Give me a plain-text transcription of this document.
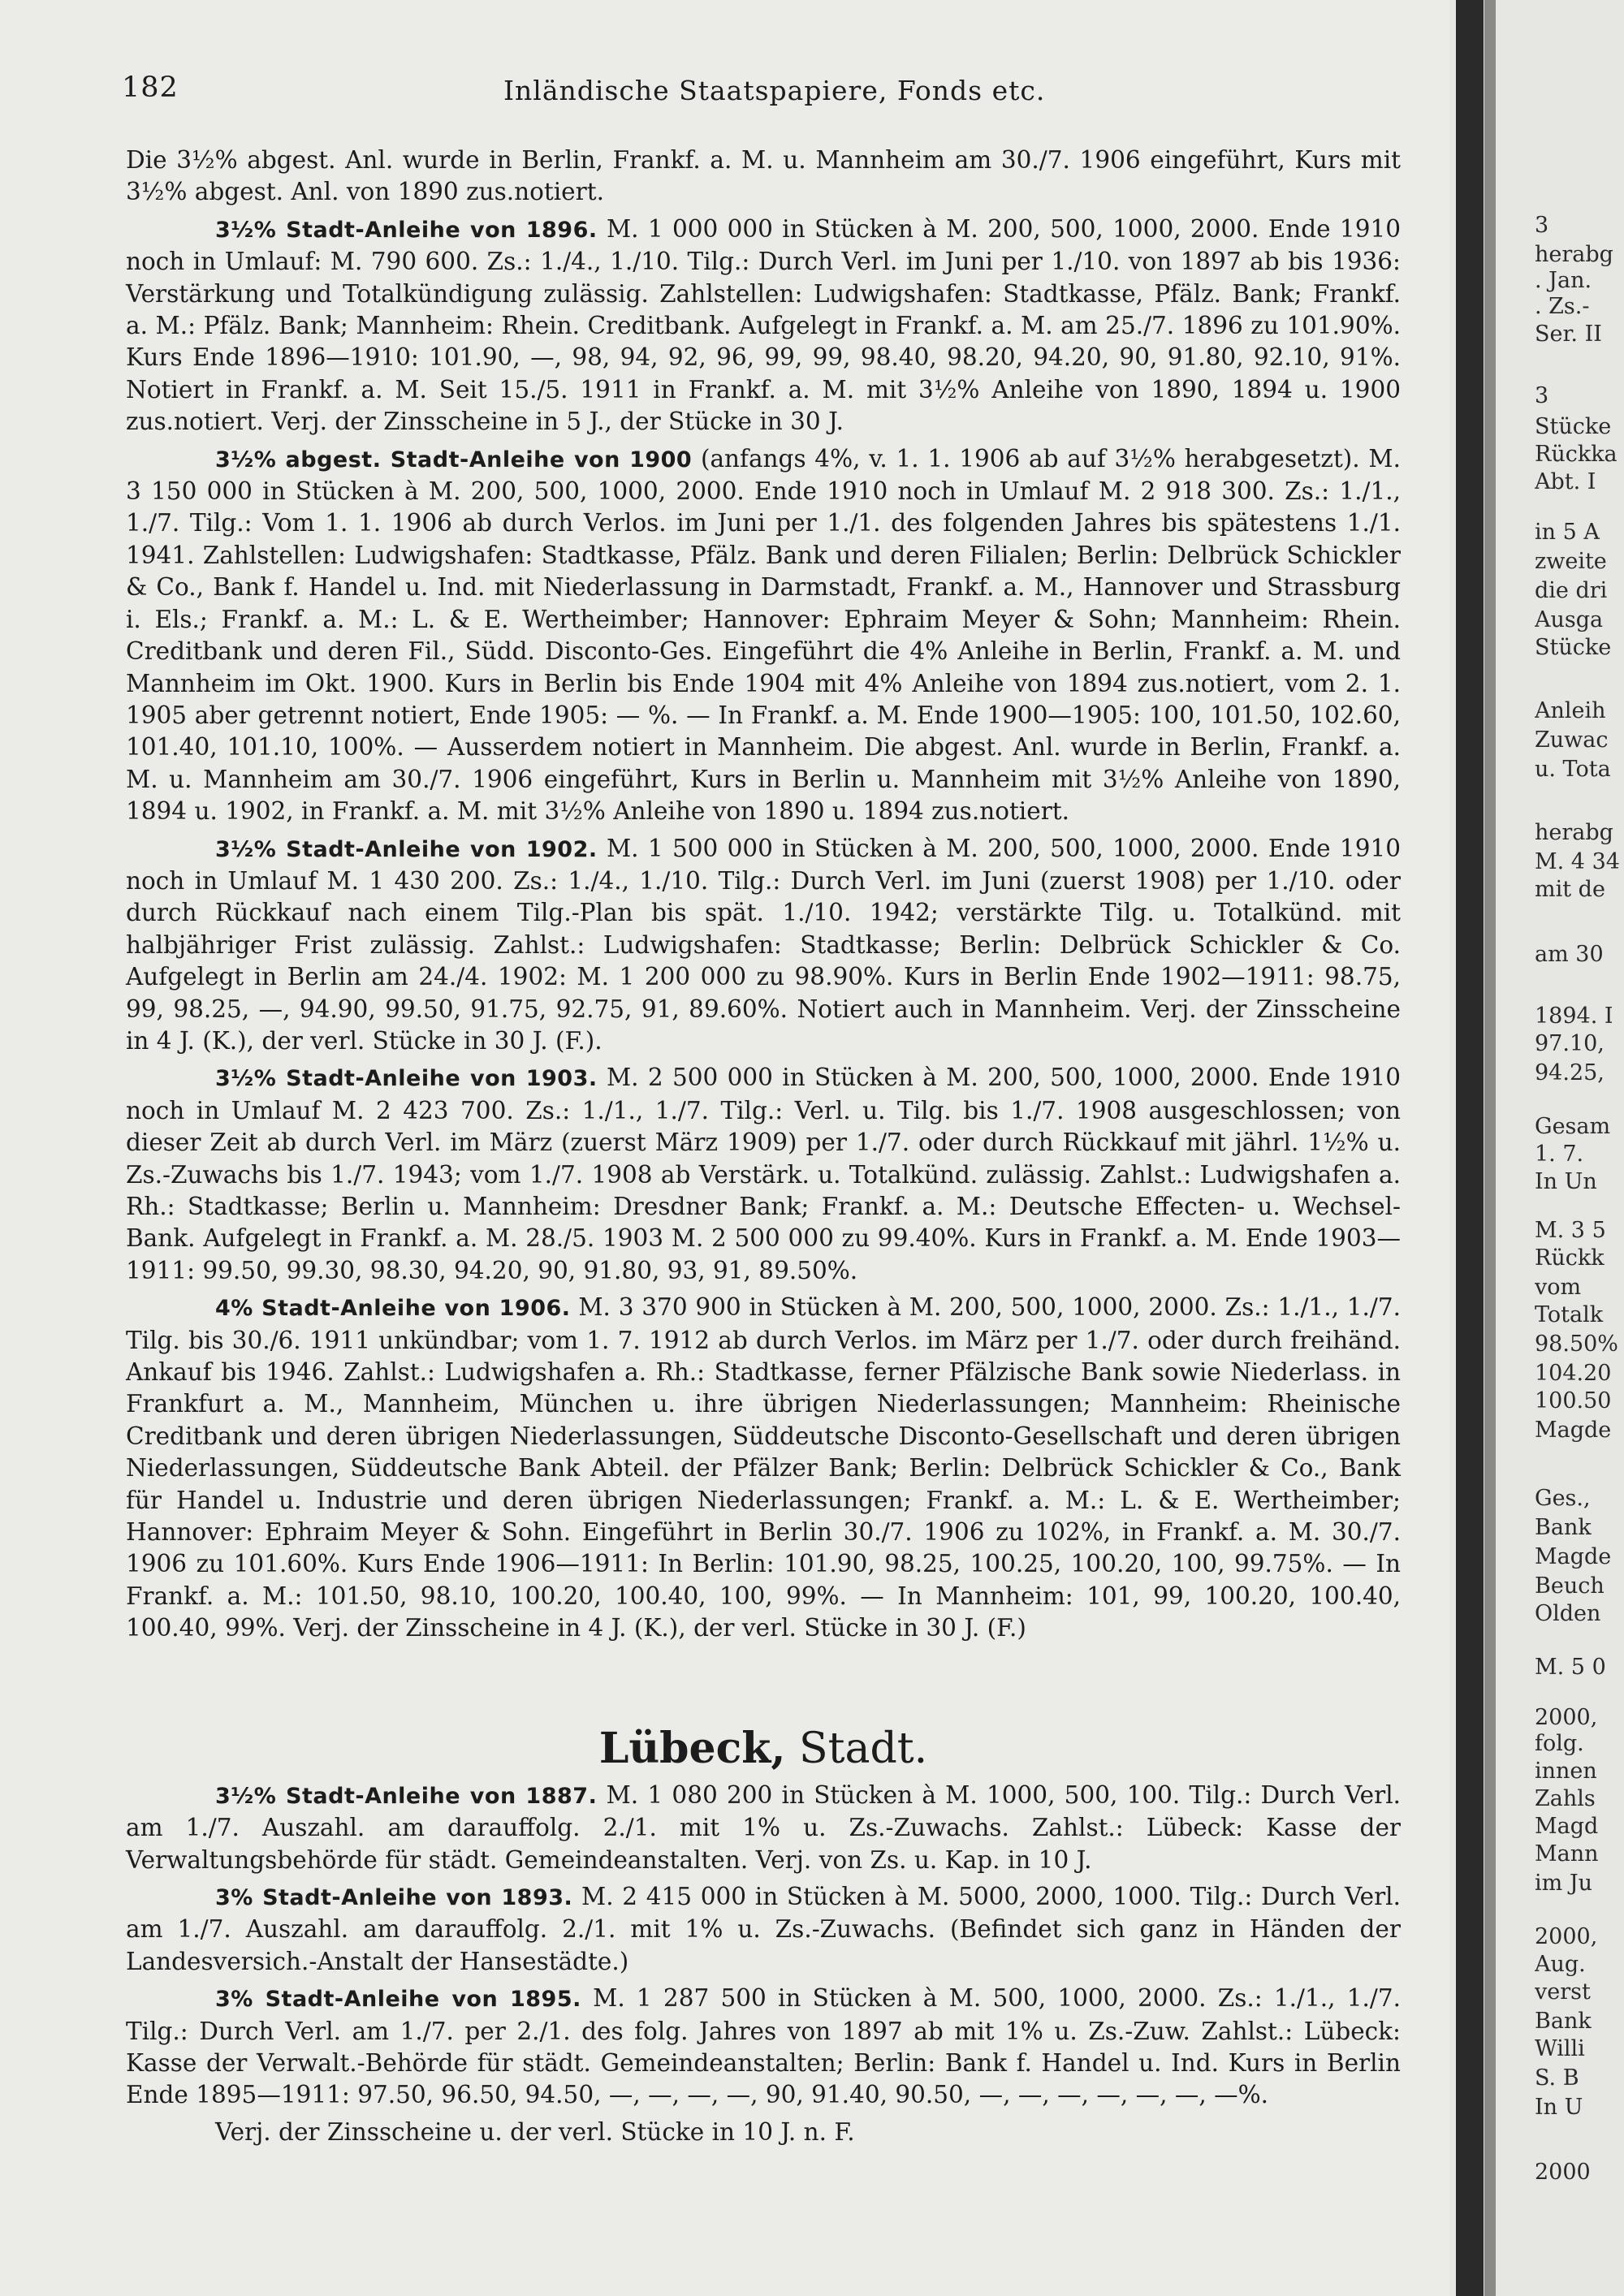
182	Inländische Staatspapiere, Fonds etc.

Die 3½% abgest. Anl. wurde in Berlin, Frankf. a. M. u. Mannheim am 30./7. 1906 eingeführt, Kurs mit 3½% abgest. Anl. von 1890 zus.notiert.

3½% Stadt-Anleihe von 1896. M. 1 000 000 in Stücken à M. 200, 500, 1000, 2000. Ende 1910 noch in Umlauf: M. 790 600. Zs.: 1./4., 1./10. Tilg.: Durch Verl. im Juni per 1./10. von 1897 ab bis 1936: Verstärkung und Totalkündigung zulässig. Zahlstellen: Ludwigshafen: Stadtkasse, Pfälz. Bank; Frankf. a. M.: Pfälz. Bank; Mannheim: Rhein. Creditbank. Aufgelegt in Frankf. a. M. am 25./7. 1896 zu 101.90%. Kurs Ende 1896—1910: 101.90, —, 98, 94, 92, 96, 99, 99, 98.40, 98.20, 94.20, 90, 91.80, 92.10, 91%. Notiert in Frankf. a. M. Seit 15./5. 1911 in Frankf. a. M. mit 3½% Anleihe von 1890, 1894 u. 1900 zus.notiert. Verj. der Zinsscheine in 5 J., der Stücke in 30 J.

3½% abgest. Stadt-Anleihe von 1900 (anfangs 4%, v. 1. 1. 1906 ab auf 3½% herabgesetzt). M. 3 150 000 in Stücken à M. 200, 500, 1000, 2000. Ende 1910 noch in Umlauf M. 2 918 300. Zs.: 1./1., 1./7. Tilg.: Vom 1. 1. 1906 ab durch Verlos. im Juni per 1./1. des folgenden Jahres bis spätestens 1./1. 1941. Zahlstellen: Ludwigshafen: Stadtkasse, Pfälz. Bank und deren Filialen; Berlin: Delbrück Schickler & Co., Bank f. Handel u. Ind. mit Niederlassung in Darmstadt, Frankf. a. M., Hannover und Strassburg i. Els.; Frankf. a. M.: L. & E. Wertheimber; Hannover: Ephraim Meyer & Sohn; Mannheim: Rhein. Creditbank und deren Fil., Südd. Disconto-Ges. Eingeführt die 4% Anleihe in Berlin, Frankf. a. M. und Mannheim im Okt. 1900. Kurs in Berlin bis Ende 1904 mit 4% Anleihe von 1894 zus.notiert, vom 2. 1. 1905 aber getrennt notiert, Ende 1905: — %. — In Frankf. a. M. Ende 1900—1905: 100, 101.50, 102.60, 101.40, 101.10, 100%. — Ausserdem notiert in Mannheim. Die abgest. Anl. wurde in Berlin, Frankf. a. M. u. Mannheim am 30./7. 1906 eingeführt, Kurs in Berlin u. Mannheim mit 3½% Anleihe von 1890, 1894 u. 1902, in Frankf. a. M. mit 3½% Anleihe von 1890 u. 1894 zus.notiert.

3½% Stadt-Anleihe von 1902. M. 1 500 000 in Stücken à M. 200, 500, 1000, 2000. Ende 1910 noch in Umlauf M. 1 430 200. Zs.: 1./4., 1./10. Tilg.: Durch Verl. im Juni (zuerst 1908) per 1./10. oder durch Rückkauf nach einem Tilg.-Plan bis spät. 1./10. 1942; verstärkte Tilg. u. Totalkünd. mit halbjähriger Frist zulässig. Zahlst.: Ludwigshafen: Stadtkasse; Berlin: Delbrück Schickler & Co. Aufgelegt in Berlin am 24./4. 1902: M. 1 200 000 zu 98.90%. Kurs in Berlin Ende 1902—1911: 98.75, 99, 98.25, —, 94.90, 99.50, 91.75, 92.75, 91, 89.60%. Notiert auch in Mannheim. Verj. der Zinsscheine in 4 J. (K.), der verl. Stücke in 30 J. (F.).

3½% Stadt-Anleihe von 1903. M. 2 500 000 in Stücken à M. 200, 500, 1000, 2000. Ende 1910 noch in Umlauf M. 2 423 700. Zs.: 1./1., 1./7. Tilg.: Verl. u. Tilg. bis 1./7. 1908 ausgeschlossen; von dieser Zeit ab durch Verl. im März (zuerst März 1909) per 1./7. oder durch Rückkauf mit jährl. 1½% u. Zs.-Zuwachs bis 1./7. 1943; vom 1./7. 1908 ab Verstärk. u. Totalkünd. zulässig. Zahlst.: Ludwigshafen a. Rh.: Stadtkasse; Berlin u. Mannheim: Dresdner Bank; Frankf. a. M.: Deutsche Effecten- u. Wechsel-Bank. Aufgelegt in Frankf. a. M. 28./5. 1903 M. 2 500 000 zu 99.40%. Kurs in Frankf. a. M. Ende 1903—1911: 99.50, 99.30, 98.30, 94.20, 90, 91.80, 93, 91, 89.50%.

4% Stadt-Anleihe von 1906. M. 3 370 900 in Stücken à M. 200, 500, 1000, 2000. Zs.: 1./1., 1./7. Tilg. bis 30./6. 1911 unkündbar; vom 1. 7. 1912 ab durch Verlos. im März per 1./7. oder durch freihänd. Ankauf bis 1946. Zahlst.: Ludwigshafen a. Rh.: Stadtkasse, ferner Pfälzische Bank sowie Niederlass. in Frankfurt a. M., Mannheim, München u. ihre übrigen Niederlassungen; Mannheim: Rheinische Creditbank und deren übrigen Niederlassungen, Süddeutsche Disconto-Gesellschaft und deren übrigen Niederlassungen, Süddeutsche Bank Abteil. der Pfälzer Bank; Berlin: Delbrück Schickler & Co., Bank für Handel u. Industrie und deren übrigen Niederlassungen; Frankf. a. M.: L. & E. Wertheimber; Hannover: Ephraim Meyer & Sohn. Eingeführt in Berlin 30./7. 1906 zu 102%, in Frankf. a. M. 30./7. 1906 zu 101.60%. Kurs Ende 1906—1911: In Berlin: 101.90, 98.25, 100.25, 100.20, 100, 99.75%. — In Frankf. a. M.: 101.50, 98.10, 100.20, 100.40, 100, 99%. — In Mannheim: 101, 99, 100.20, 100.40, 100.40, 99%. Verj. der Zinsscheine in 4 J. (K.), der verl. Stücke in 30 J. (F.)

Lübeck, Stadt.

3½% Stadt-Anleihe von 1887. M. 1 080 200 in Stücken à M. 1000, 500, 100. Tilg.: Durch Verl. am 1./7. Auszahl. am darauffolg. 2./1. mit 1% u. Zs.-Zuwachs. Zahlst.: Lübeck: Kasse der Verwaltungsbehörde für städt. Gemeindeanstalten. Verj. von Zs. u. Kap. in 10 J.

3% Stadt-Anleihe von 1893. M. 2 415 000 in Stücken à M. 5000, 2000, 1000. Tilg.: Durch Verl. am 1./7. Auszahl. am darauffolg. 2./1. mit 1% u. Zs.-Zuwachs. (Befindet sich ganz in Händen der Landesversich.-Anstalt der Hansestädte.)

3% Stadt-Anleihe von 1895. M. 1 287 500 in Stücken à M. 500, 1000, 2000. Zs.: 1./1., 1./7. Tilg.: Durch Verl. am 1./7. per 2./1. des folg. Jahres von 1897 ab mit 1% u. Zs.-Zuw. Zahlst.: Lübeck: Kasse der Verwalt.-Behörde für städt. Gemeindeanstalten; Berlin: Bank f. Handel u. Ind. Kurs in Berlin Ende 1895—1911: 97.50, 96.50, 94.50, —, —, —, —, 90, 91.40, 90.50, —, —, —, —, —, —, —%.

Verj. der Zinsscheine u. der verl. Stücke in 10 J. n. F.

3
herabg
. Jan.
. Zs.-
Ser. II
3
Stücke
Rückka
Abt. I
in 5 A
zweite
die dri
Ausga
Stücke
Anleih
Zuwac
u. Tota
herabg
M. 4 34
mit de
am 30
1894. I
97.10,
94.25,
Gesam
1. 7.
In Un
M. 3 5
Rückk
vom
Totalk
98.50%
104.20
100.50
Magde
Ges.,
Bank
Magde
Beuch
Olden
M. 5 0
2000,
folg.
innen
Zahls
Magd
Mann
im Ju
2000,
Aug.
verst
Bank
Willi
S. B
In U
2000
